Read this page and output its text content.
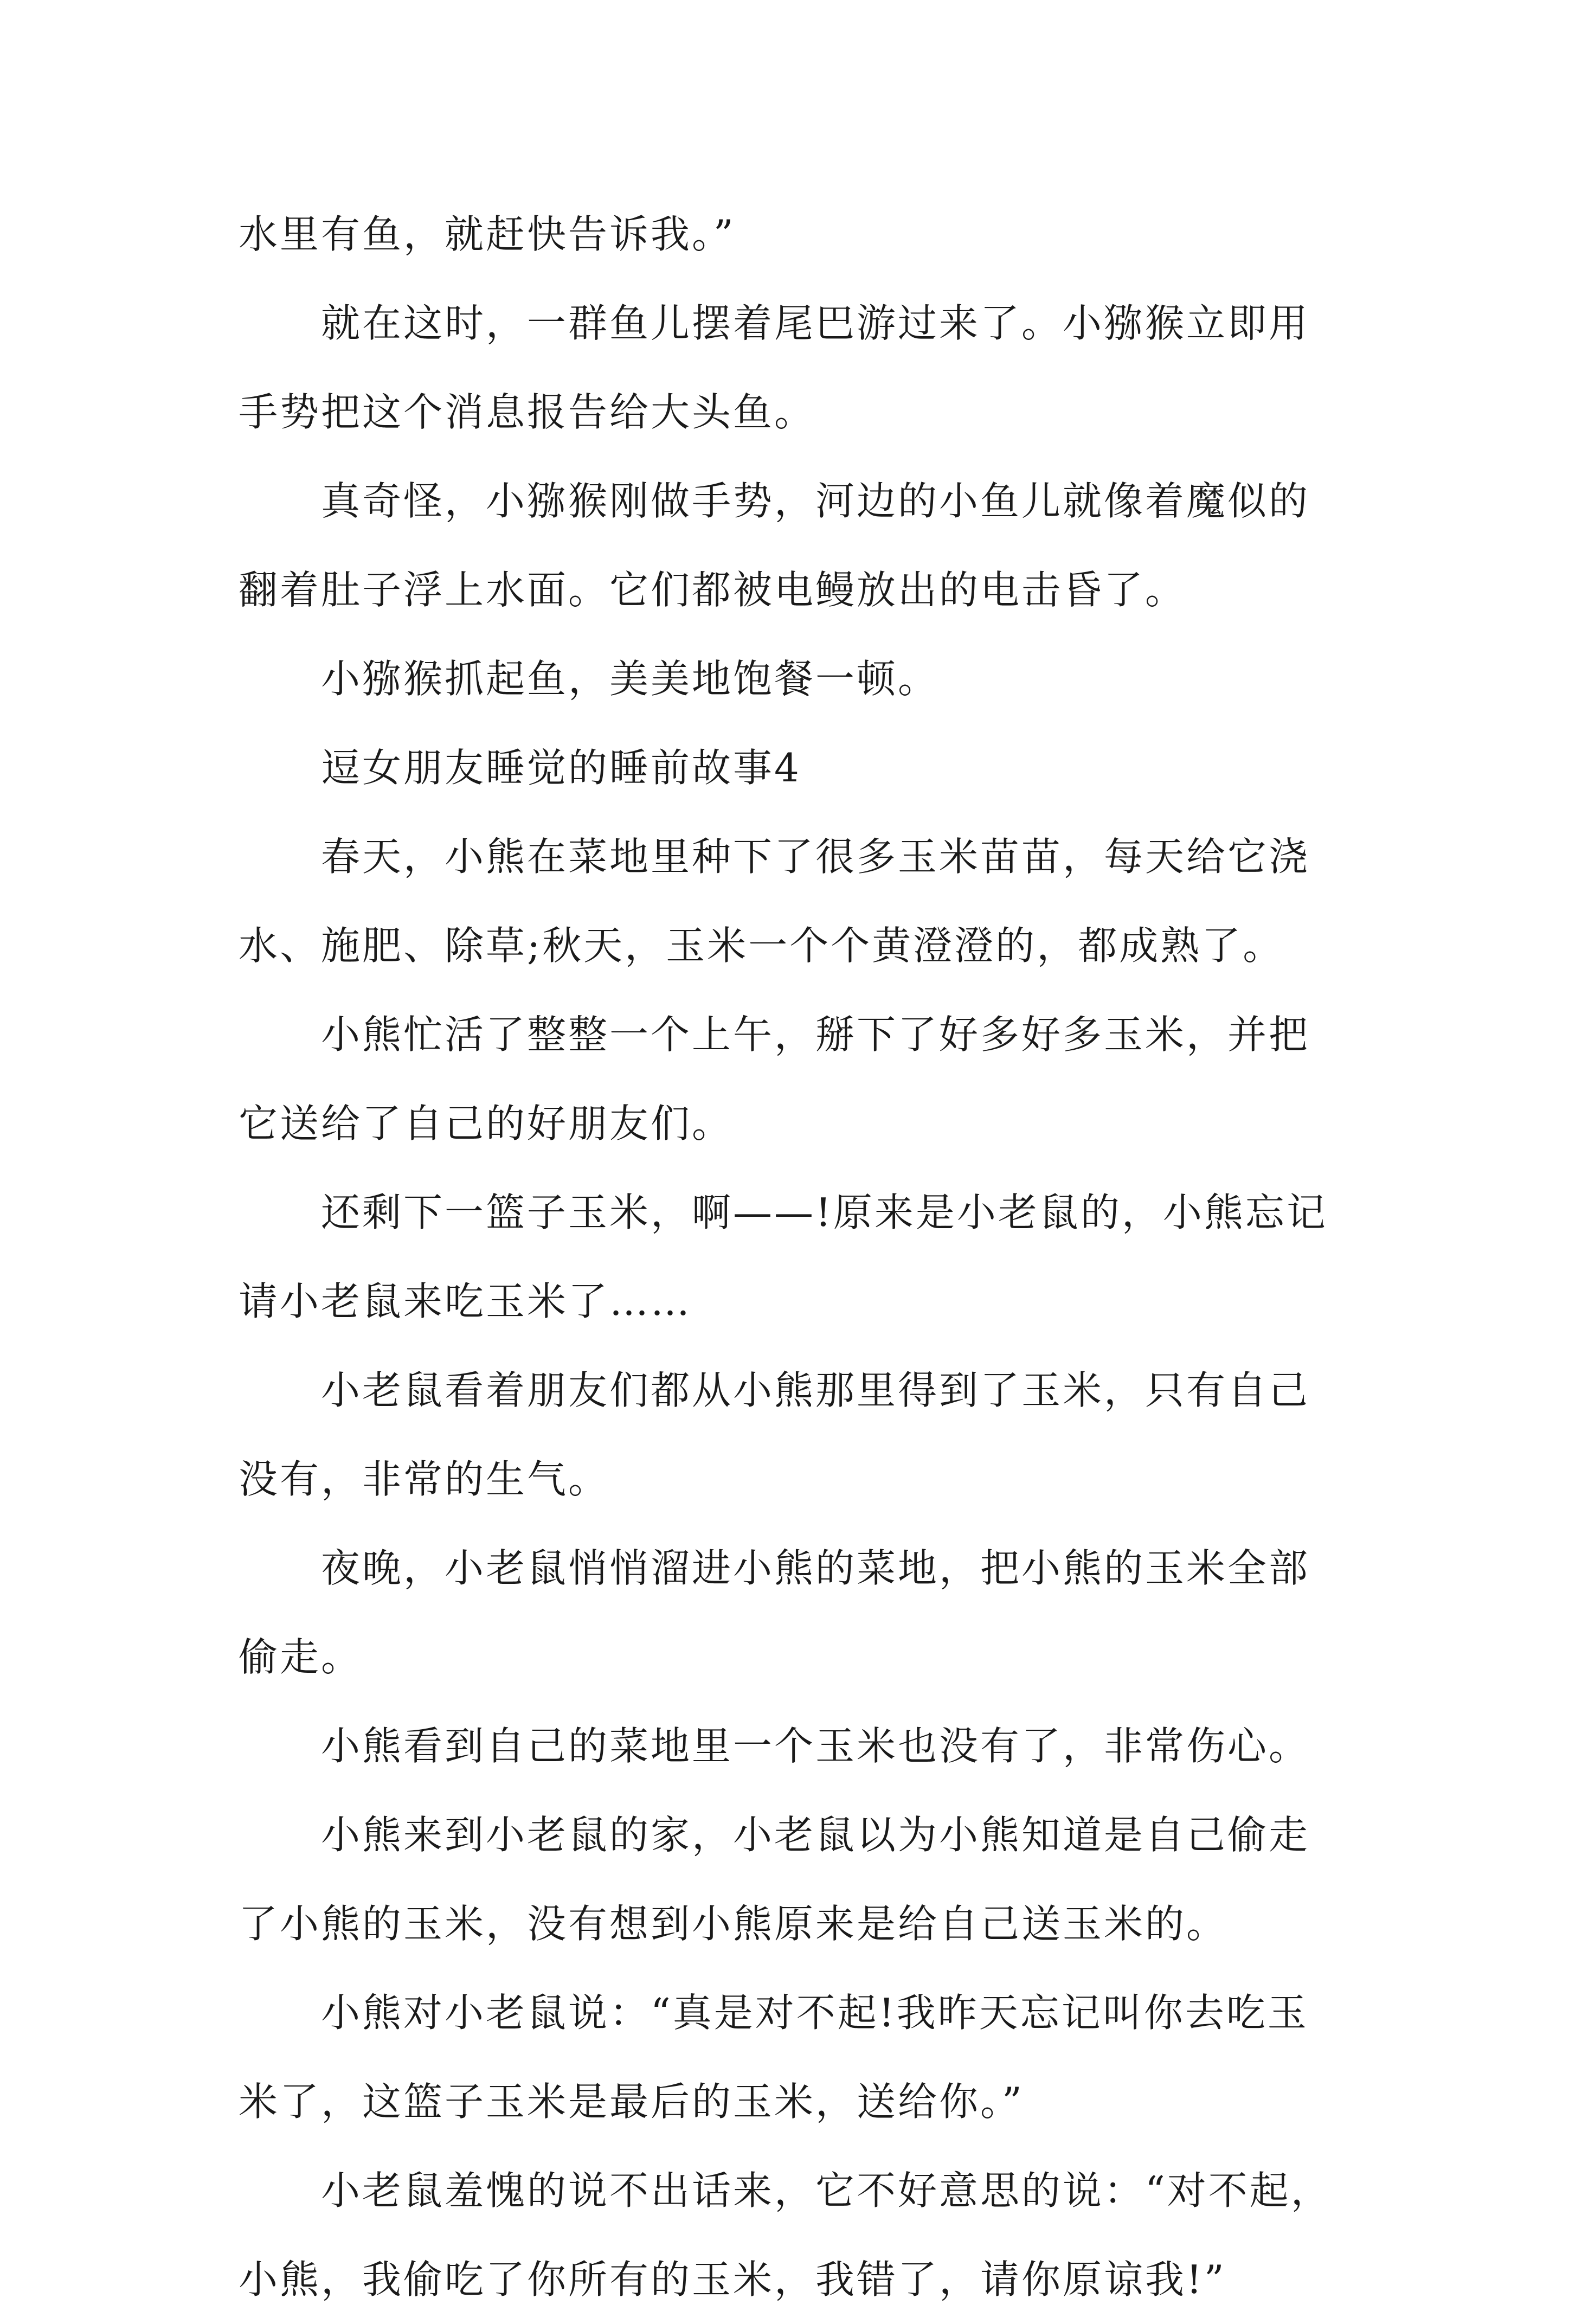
水里有鱼，就赶快告诉我。”

就在这时，一群鱼儿摆着尾巴游过来了。小猕猴立即用手势把这个消息报告给大头鱼。

真奇怪，小猕猴刚做手势，河边的小鱼儿就像着魔似的翻着肚子浮上水面。它们都被电鳗放出的电击昏了。

小猕猴抓起鱼，美美地饱餐一顿。

逗女朋友睡觉的睡前故事4

春天，小熊在菜地里种下了很多玉米苗苗，每天给它浇水、施肥、除草;秋天，玉米一个个黄澄澄的，都成熟了。

小熊忙活了整整一个上午，掰下了好多好多玉米，并把它送给了自己的好朋友们。

还剩下一篮子玉米，啊——!原来是小老鼠的，小熊忘记请小老鼠来吃玉米了……

小老鼠看着朋友们都从小熊那里得到了玉米，只有自己没有，非常的生气。

夜晚，小老鼠悄悄溜进小熊的菜地，把小熊的玉米全部偷走。

小熊看到自己的菜地里一个玉米也没有了，非常伤心。

小熊来到小老鼠的家，小老鼠以为小熊知道是自己偷走了小熊的玉米，没有想到小熊原来是给自己送玉米的。

小熊对小老鼠说：“真是对不起!我昨天忘记叫你去吃玉米了，这篮子玉米是最后的玉米，送给你。”

小老鼠羞愧的说不出话来，它不好意思的说：“对不起，小熊，我偷吃了你所有的玉米，我错了，请你原谅我!”
